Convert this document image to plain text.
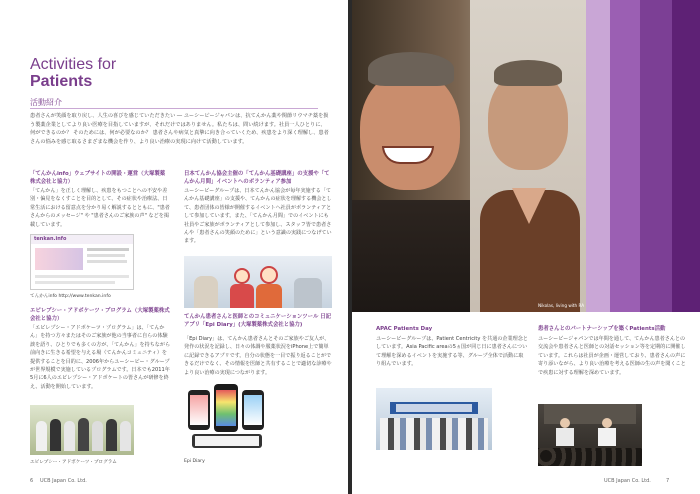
Activities for
Patients
活動紹介
患者さんが笑顔を取り戻し、人生の喜びを感じていただきたい ― ユーシービージャパンは、抗てんかん薬や関節リウマチ薬を扱う製薬企業としてより良い医療を目指していますが、それだけではありません。私たちは、問い続けます。社員一人ひとりに、何ができるのか？ そのためには、何が必要なのか？ 患者さんや病気と真摯に向き合っていくため、疾患をより深く理解し、患者さんの悩みを感じ取るさまざまな機会を作り、より良い治療の実現に向けて活動しています。
「てんかんinfo」ウェブサイトの開設・運営（大塚製薬株式会社と協力）
「てんかん」を正しく理解し、疾患をもつことへの不安や差別・偏見をなくすことを目的として、その症状や治療法、日常生活における留意点を分かり易く解説するとともに、"患者さんからのメッセージ" や "患者さんのご家族の声" などを掲載しています。
tenkan.info
てんかんinfo http://www.tenkan.info
エピレプシー・アドボケーツ・プログラム（大塚製薬株式会社と協力）
「エピレプシー・アドボケーツ・プログラム」は、「てんかん」を持つ方々またはそのご家族が他の当事者に自らの体験談を語り、ひとりでも多くの方が、「てんかん」を持ちながら前向きに生きる希望を与える場（てんかんコミュニティ）を提供することを目的に、2006年からユーシービー・グループが世界規模で実施しているプログラムです。日本でも2011年5月に6人のエピレプシー・アドボケートの皆さんが研修を終え、活動を開始しています。
エピレプシー・アドボケーツ・プログラム
日本てんかん協会主催の「てんかん基礎講座」の支援や「てんかん月間」イベントへのボランティア参加
ユーシービーグループは、日本てんかん協会が毎年実施する「てんかん基礎講座」の支援や、てんかんの症状を理解する機会として、患者団体の皆様が開催するイベントへ社員がボランティアとして参加しています。また、「てんかん月間」でのイベントにも社員やご家族がボランティアとして参加し、スタッフ皆で患者さんや「患者さんの笑顔のために」という意識の実践につなげています。
てんかん患者さんと医師とのコミュニケーションツール 日記アプリ「Epi Diary」(大塚製薬株式会社と協力)
「Epi Diary」は、てんかん患者さんとそのご家族やご友人が、発作の状況を記録し、日々の体調や服薬状況をiPhone上で簡単に記録できるアプリです。自分の状態を一目で振り返ることができるだけでなく、その情報を医師と共有することで適切な診療やより良い治療の実現につながります。
Epi Diary
6 UCB Japan Co. Ltd.
Nikolas, living with RA
APAC Patients Day
ユーシービーグループは、Patient Centricity を共通の企業理念としています。Asia Pacific areaの5ヵ国が同じ日に患者さんについて理解を深めるイベントを実施する等、グループ全体で活動に取り組んでいます。
患者さんとのパートナーシップを築くPatients活動
ユーシービージャパンでは年間を通して、てんかん患者さんとの交流会や患者さんと医師との対話セッション等を定期的に開催しています。これらは社員が企画・運営しており、患者さんの声に寄り添いながら、より良い治療を考える医師の生の声を聞くことで疾患に対する理解を深めています。
UCB Japan Co. Ltd.	7
